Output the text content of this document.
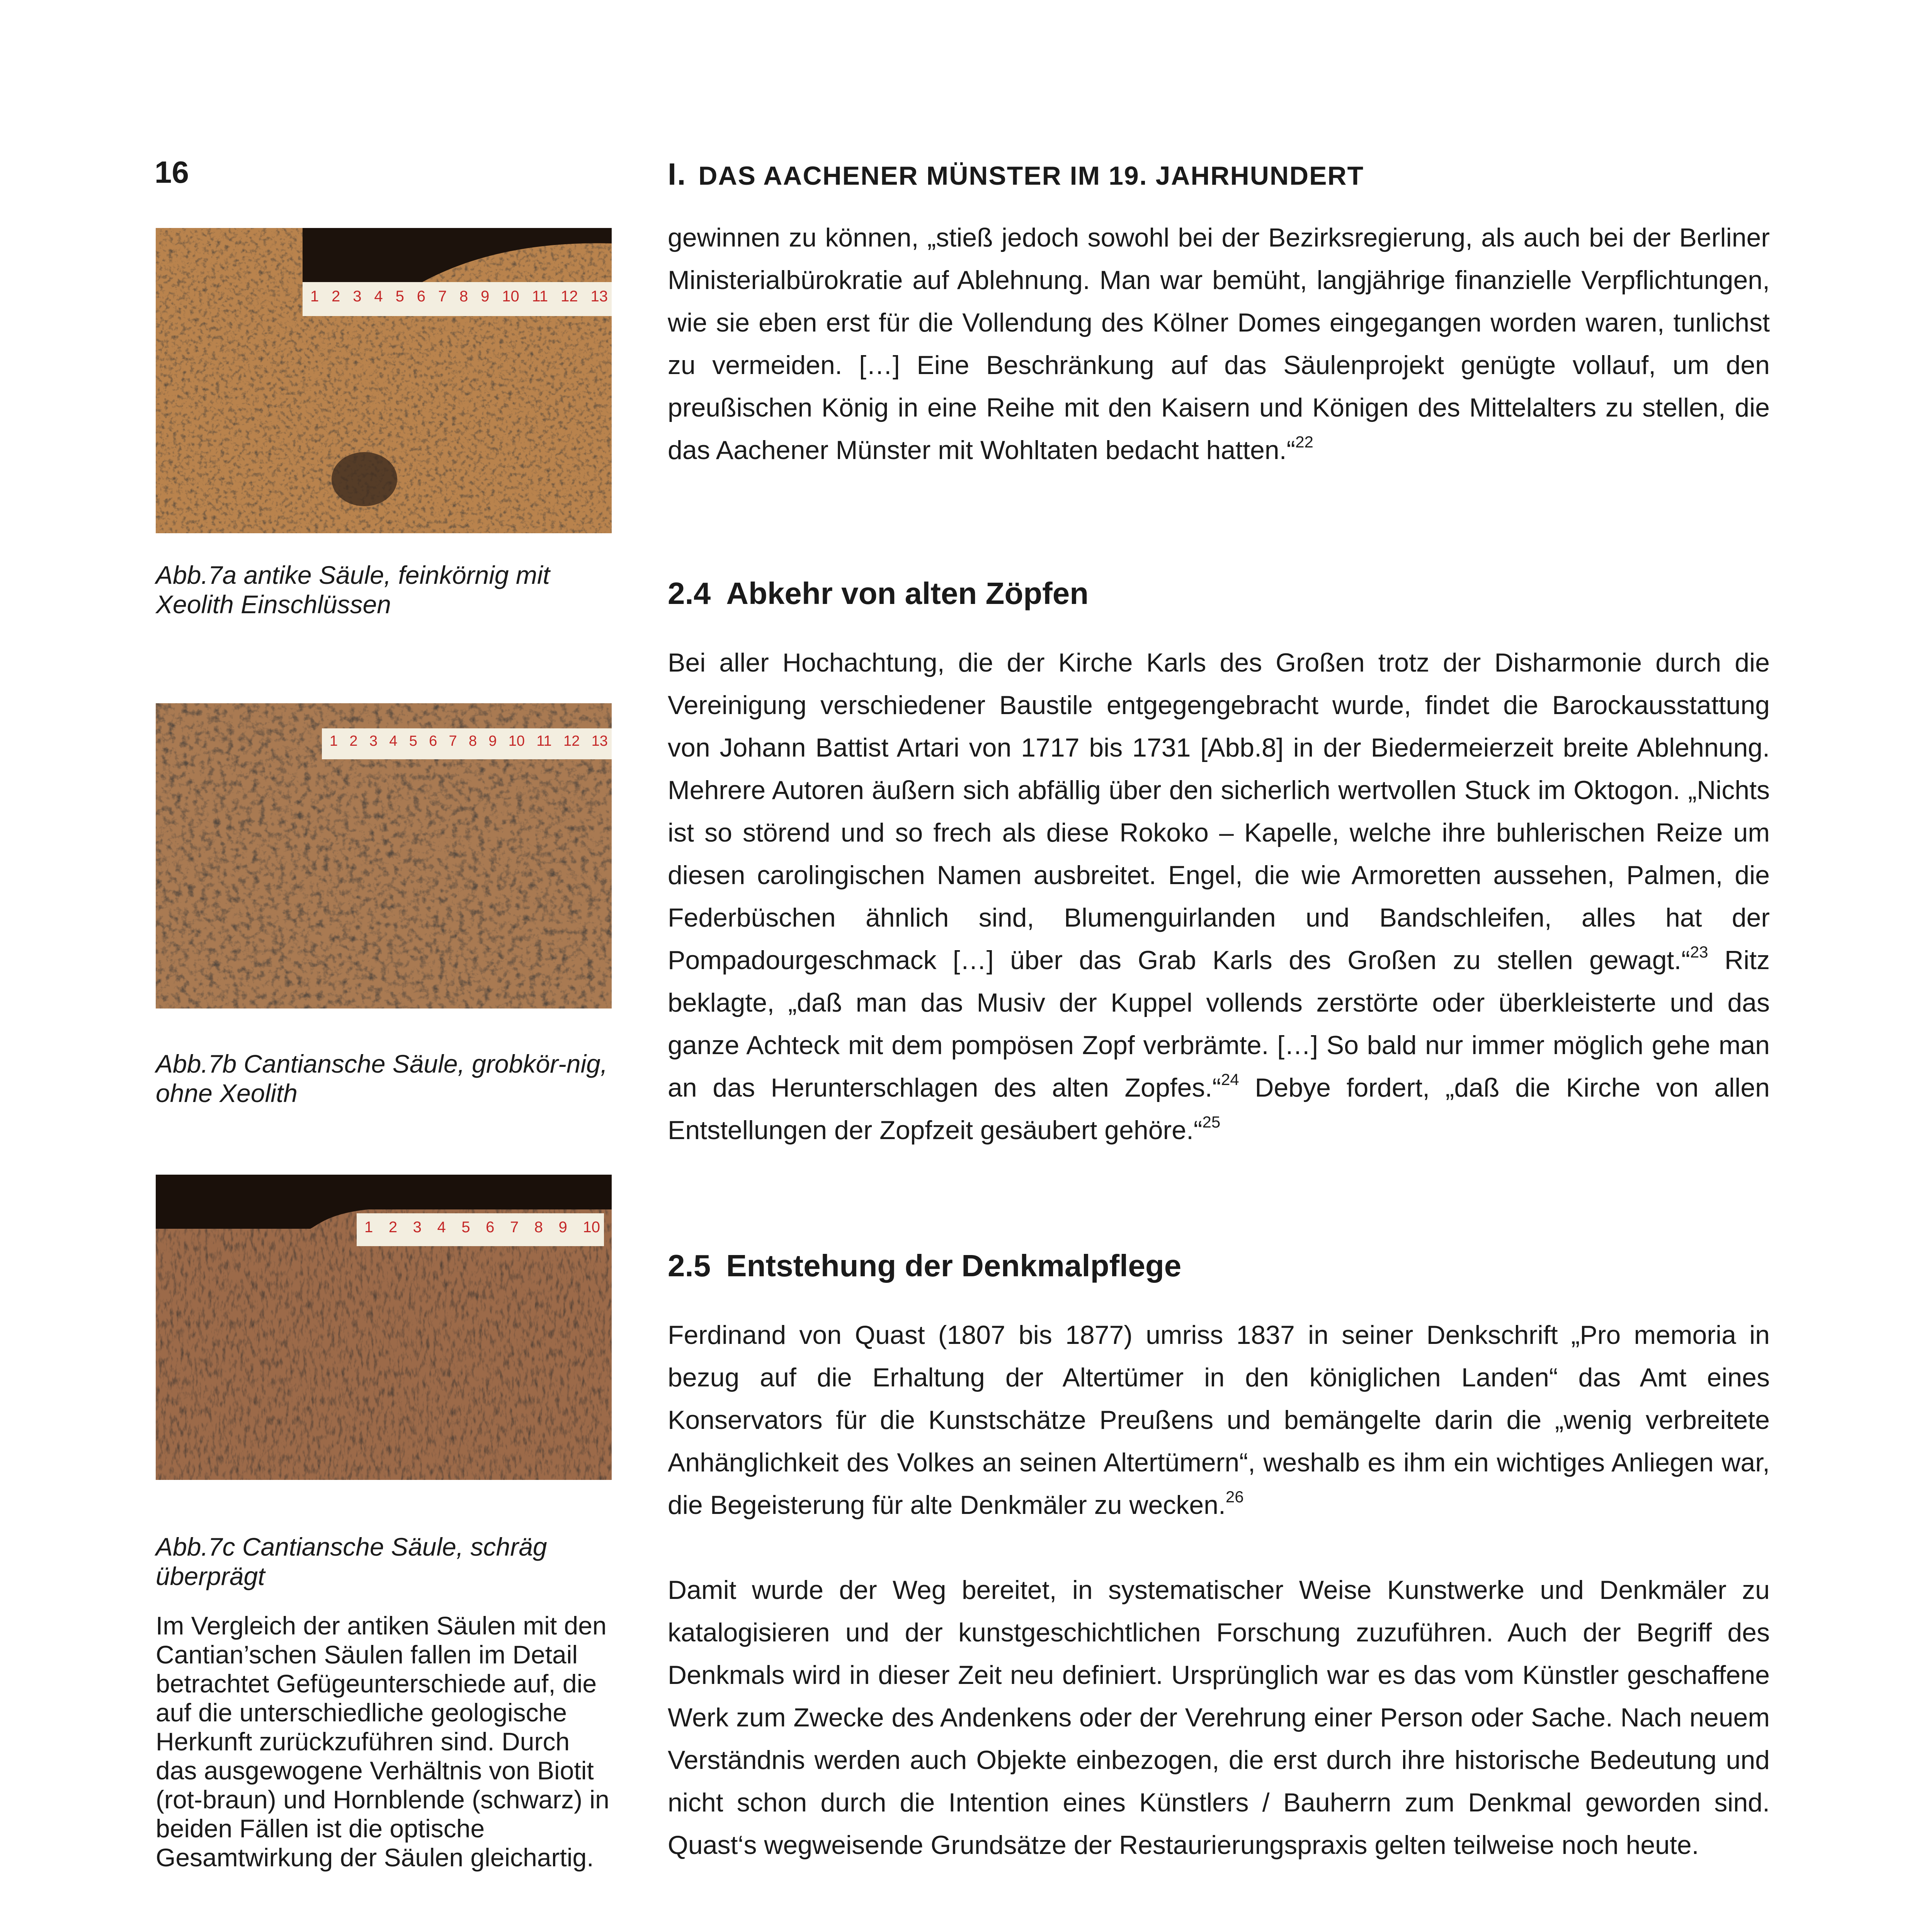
16	I. DAS AACHENER MÜNSTER IM 19. JAHRHUNDERT
1 2 3 4 5 6 7 8 9 10 11 12 13
Abb.7a antike Säule, feinkörnig mit Xeolith Einschlüssen
1 2 3 4 5 6 7 8 9 10 11 12 13
Abb.7b Cantiansche Säule, grobkör-nig, ohne Xeolith
1 2 3 4 5 6 7 8 9 10
Abb.7c Cantiansche Säule, schräg überprägt
Im Vergleich der antiken Säulen mit den Cantian’schen Säulen fallen im Detail betrachtet Gefügeunterschiede auf, die auf die unterschiedliche geologische Herkunft zurückzuführen sind. Durch das ausgewogene Verhältnis von Biotit (rot-braun) und Hornblende (schwarz) in beiden Fällen ist die optische Gesamtwirkung der Säulen gleichartig.

gewinnen zu können, „stieß jedoch sowohl bei der Bezirksregierung, als auch bei der Berliner Ministerialbürokratie auf Ablehnung. Man war bemüht, langjährige finanzielle Verpflichtungen, wie sie eben erst für die Vollendung des Kölner Domes eingegangen worden waren, tunlichst zu vermeiden. […] Eine Beschränkung auf das Säulenprojekt genügte vollauf, um den preußischen König in eine Reihe mit den Kaisern und Königen des Mittelalters zu stellen, die das Aachener Münster mit Wohltaten bedacht hatten.“$^{22}$

2.4 Abkehr von alten Zöpfen

Bei aller Hochachtung, die der Kirche Karls des Großen trotz der Disharmonie durch die Vereinigung verschiedener Baustile entgegengebracht wurde, findet die Barockausstattung von Johann Battist Artari von 1717 bis 1731 [Abb.8] in der Biedermeierzeit breite Ablehnung. Mehrere Autoren äußern sich abfällig über den sicherlich wertvollen Stuck im Oktogon. „Nichts ist so störend und so frech als diese Rokoko – Kapelle, welche ihre buhlerischen Reize um diesen carolingischen Namen ausbreitet. Engel, die wie Armoretten aussehen, Palmen, die Federbüschen ähnlich sind, Blumenguirlanden und Bandschleifen, alles hat der Pompadourgeschmack […] über das Grab Karls des Großen zu stellen gewagt.“$^{23}$ Ritz beklagte, „daß man das Musiv der Kuppel vollends zerstörte oder überkleisterte und das ganze Achteck mit dem pompösen Zopf verbrämte. […] So bald nur immer möglich gehe man an das Herunterschlagen des alten Zopfes.“$^{24}$ Debye fordert, „daß die Kirche von allen Entstellungen der Zopfzeit gesäubert gehöre.“$^{25}$

2.5 Entstehung der Denkmalpflege

Ferdinand von Quast (1807 bis 1877) umriss 1837 in seiner Denkschrift „Pro memoria in bezug auf die Erhaltung der Altertümer in den königlichen Landen“ das Amt eines Konservators für die Kunstschätze Preußens und bemängelte darin die „wenig verbreitete Anhänglichkeit des Volkes an seinen Altertümern“, weshalb es ihm ein wichtiges Anliegen war, die Begeisterung für alte Denkmäler zu wecken.$^{26}$

Damit wurde der Weg bereitet, in systematischer Weise Kunstwerke und Denkmäler zu katalogisieren und der kunstgeschichtlichen Forschung zuzuführen. Auch der Begriff des Denkmals wird in dieser Zeit neu definiert. Ursprünglich war es das vom Künstler geschaffene Werk zum Zwecke des Andenkens oder der Verehrung einer Person oder Sache. Nach neuem Verständnis werden auch Objekte einbezogen, die erst durch ihre historische Bedeutung und nicht schon durch die Intention eines Künstlers / Bauherrn zum Denkmal geworden sind. Quast‘s wegweisende Grundsätze der Restaurierungspraxis gelten teilweise noch heute.
